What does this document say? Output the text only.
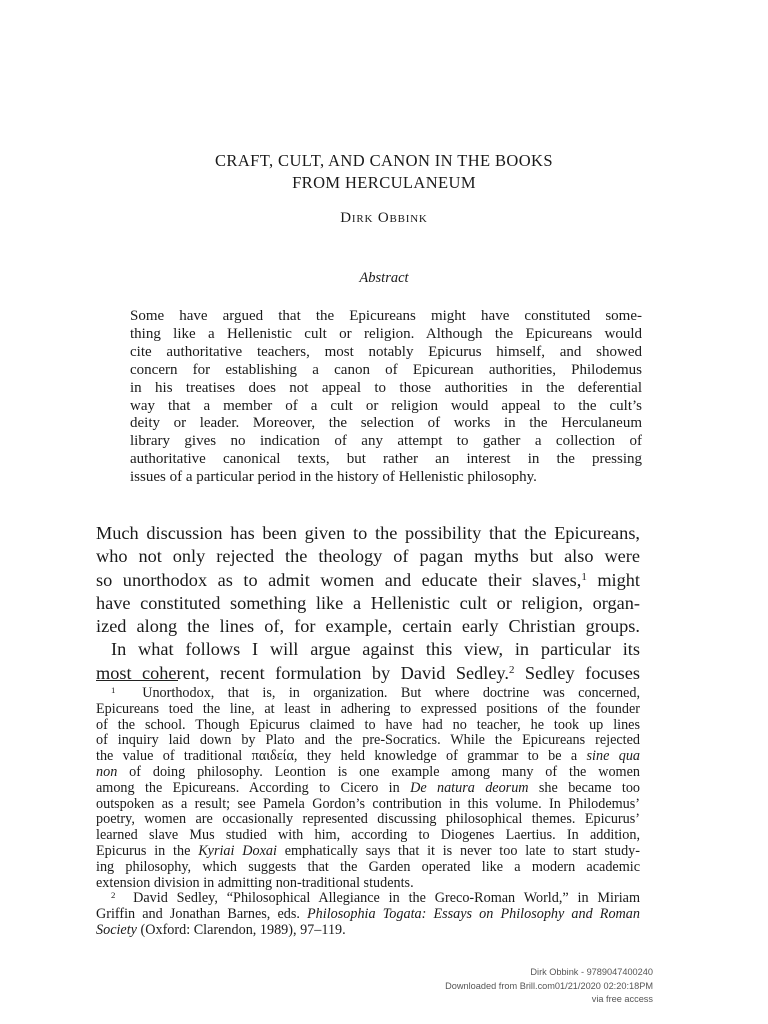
CRAFT, CULT, AND CANON IN THE BOOKS
FROM HERCULANEUM
Dirk Obbink
Abstract
Some have argued that the Epicureans might have constituted some-
thing like a Hellenistic cult or religion. Although the Epicureans would
cite authoritative teachers, most notably Epicurus himself, and showed
concern for establishing a canon of Epicurean authorities, Philodemus
in his treatises does not appeal to those authorities in the deferential
way that a member of a cult or religion would appeal to the cult’s
deity or leader. Moreover, the selection of works in the Herculaneum
library gives no indication of any attempt to gather a collection of
authoritative canonical texts, but rather an interest in the pressing
issues of a particular period in the history of Hellenistic philosophy.
Much discussion has been given to the possibility that the Epicureans,
who not only rejected the theology of pagan myths but also were
so unorthodox as to admit women and educate their slaves,$^1$ might
have constituted something like a Hellenistic cult or religion, organ-
ized along the lines of, for example, certain early Christian groups.
In what follows I will argue against this view, in particular its
most coherent, recent formulation by David Sedley.$^2$ Sedley focuses
$^1$ Unorthodox, that is, in organization. But where doctrine was concerned,
Epicureans toed the line, at least in adhering to expressed positions of the founder
of the school. Though Epicurus claimed to have had no teacher, he took up lines
of inquiry laid down by Plato and the pre-Socratics. While the Epicureans rejected
the value of traditional παιδεία, they held knowledge of grammar to be a sine qua
non of doing philosophy. Leontion is one example among many of the women
among the Epicureans. According to Cicero in De natura deorum she became too
outspoken as a result; see Pamela Gordon’s contribution in this volume. In Philodemus’
poetry, women are occasionally represented discussing philosophical themes. Epicurus’
learned slave Mus studied with him, according to Diogenes Laertius. In addition,
Epicurus in the Kyriai Doxai emphatically says that it is never too late to start study-
ing philosophy, which suggests that the Garden operated like a modern academic
extension division in admitting non-traditional students.
$^2$ David Sedley, “Philosophical Allegiance in the Greco-Roman World,” in Miriam
Griffin and Jonathan Barnes, eds. Philosophia Togata: Essays on Philosophy and Roman
Society (Oxford: Clarendon, 1989), 97–119.
Dirk Obbink - 9789047400240
Downloaded from Brill.com01/21/2020 02:20:18PM
via free access
